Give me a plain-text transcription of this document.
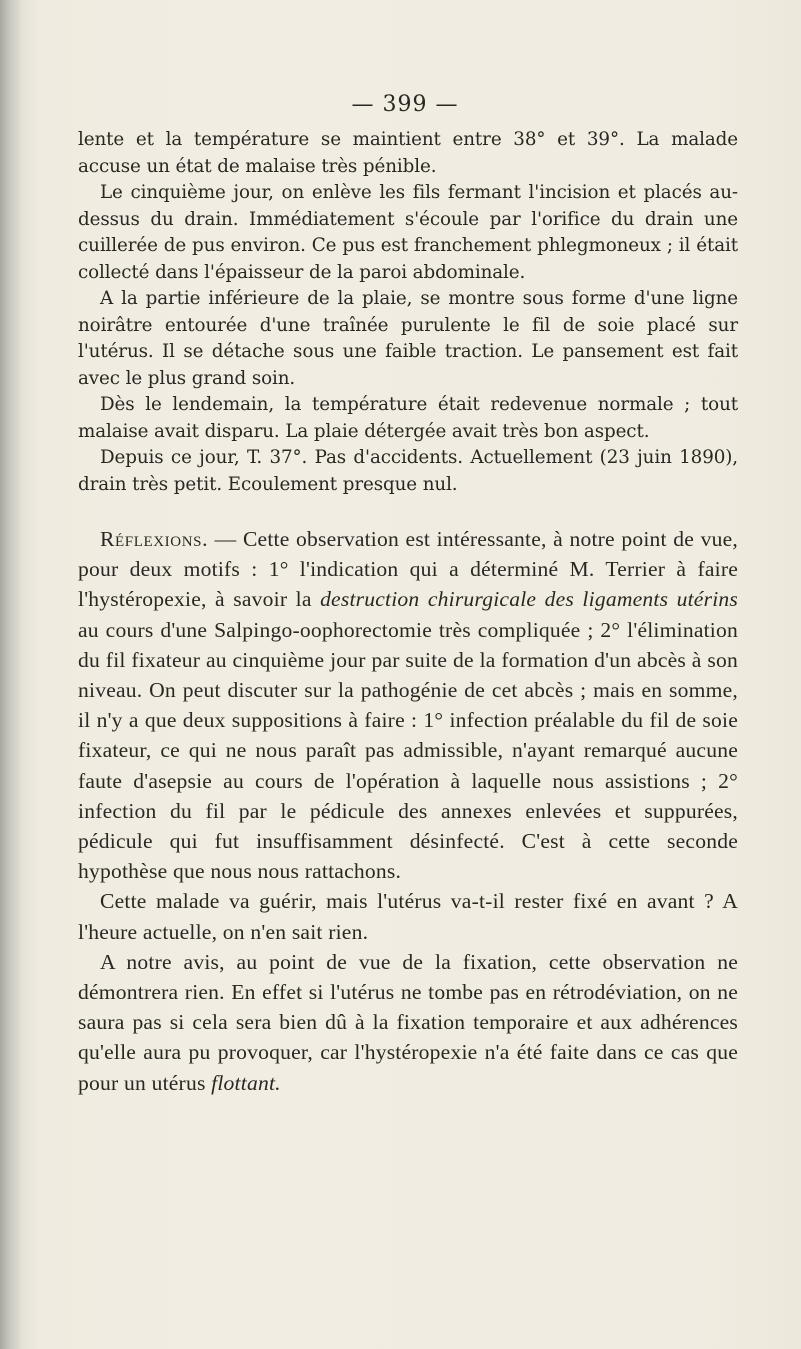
— 399 —

lente et la température se maintient entre 38° et 39°. La malade accuse un état de malaise très pénible.

Le cinquième jour, on enlève les fils fermant l'incision et placés au-dessus du drain. Immédiatement s'écoule par l'orifice du drain une cuillerée de pus environ. Ce pus est franchement phlegmoneux ; il était collecté dans l'épaisseur de la paroi abdominale.

A la partie inférieure de la plaie, se montre sous forme d'une ligne noirâtre entourée d'une traînée purulente le fil de soie placé sur l'utérus. Il se détache sous une faible traction. Le pansement est fait avec le plus grand soin.

Dès le lendemain, la température était redevenue normale ; tout malaise avait disparu. La plaie détergée avait très bon aspect.

Depuis ce jour, T. 37°. Pas d'accidents. Actuellement (23 juin 1890), drain très petit. Ecoulement presque nul.

Réflexions. — Cette observation est intéressante, à notre point de vue, pour deux motifs : 1° l'indication qui a déterminé M. Terrier à faire l'hystéropexie, à savoir la destruction chirurgicale des ligaments utérins au cours d'une Salpingo-oophorectomie très compliquée ; 2° l'élimination du fil fixateur au cinquième jour par suite de la formation d'un abcès à son niveau. On peut discuter sur la pathogénie de cet abcès ; mais en somme, il n'y a que deux suppositions à faire : 1° infection préalable du fil de soie fixateur, ce qui ne nous paraît pas admissible, n'ayant remarqué aucune faute d'asepsie au cours de l'opération à laquelle nous assistions ; 2° infection du fil par le pédicule des annexes enlevées et suppurées, pédicule qui fut insuffisamment désinfecté. C'est à cette seconde hypothèse que nous nous rattachons.

Cette malade va guérir, mais l'utérus va-t-il rester fixé en avant ? A l'heure actuelle, on n'en sait rien.

A notre avis, au point de vue de la fixation, cette observation ne démontrera rien. En effet si l'utérus ne tombe pas en rétrodéviation, on ne saura pas si cela sera bien dû à la fixation temporaire et aux adhérences qu'elle aura pu provoquer, car l'hystéropexie n'a été faite dans ce cas que pour un utérus flottant.
